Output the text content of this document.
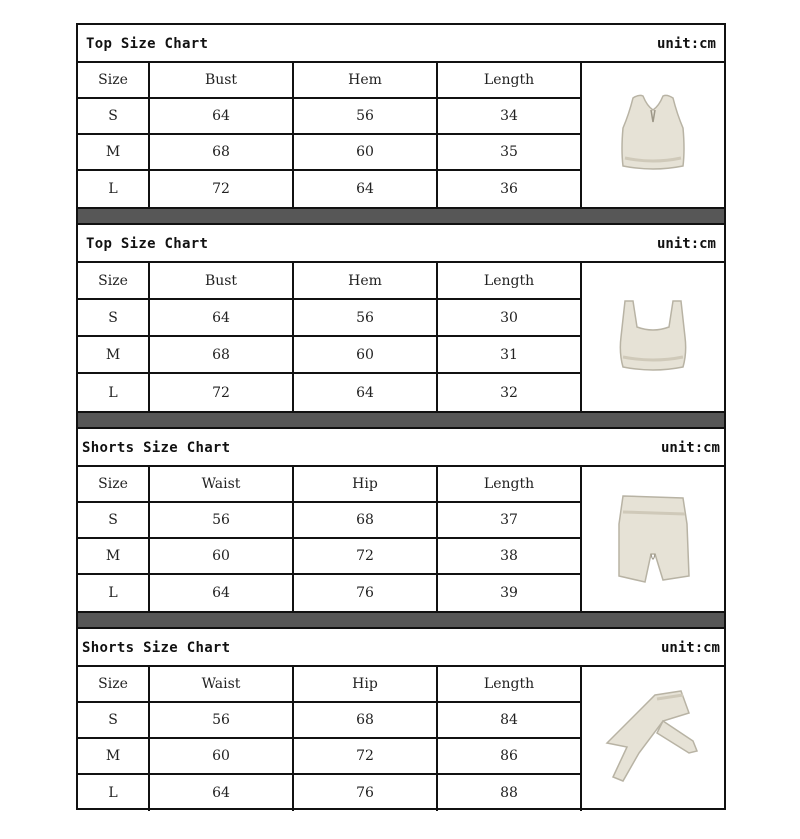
Top Size Chart	unit:cm
Size	Bust	Hem	Length
S	64	56	34
M	68	60	35
L	72	64	36
Top Size Chart	unit:cm
Size	Bust	Hem	Length
S	64	56	30
M	68	60	31
L	72	64	32
Shorts Size Chart	unit:cm
Size	Waist	Hip	Length
S	56	68	37
M	60	72	38
L	64	76	39
Shorts Size Chart	unit:cm
Size	Waist	Hip	Length
S	56	68	84
M	60	72	86
L	64	76	88
